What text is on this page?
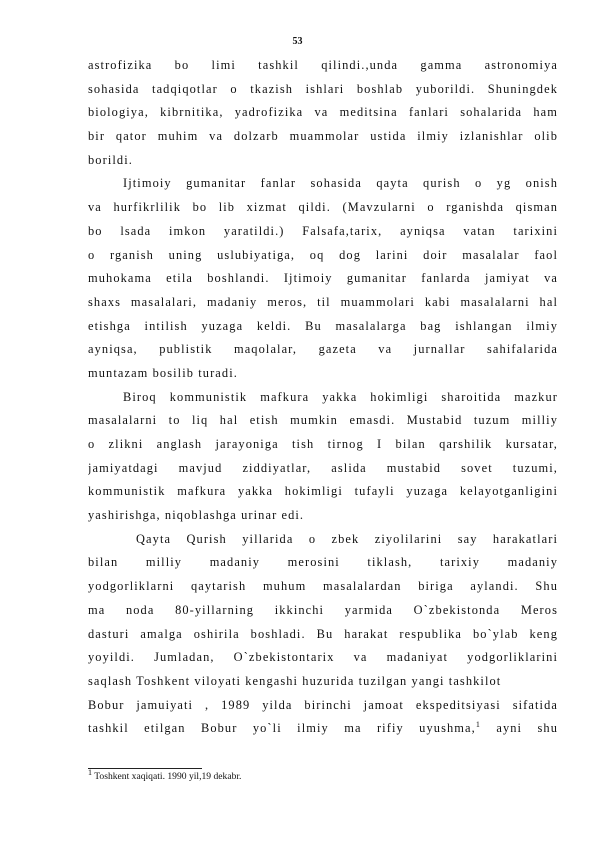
53
astrofizika bo limi tashkil qilindi.,unda gamma astronomiya
sohasida tadqiqotlar o tkazish ishlari boshlab yuborildi. Shuningdek
biologiya, kibrnitika, yadrofizika va meditsina fanlari sohalarida ham
bir qator muhim va dolzarb muammolar ustida ilmiy izlanishlar olib
borildi.
Ijtimoiy gumanitar fanlar sohasida qayta qurish o yg onish
va hurfikrlilik bo lib xizmat qildi. (Mavzularni o rganishda qisman
bo lsada imkon yaratildi.) Falsafa,tarix, ayniqsa vatan tarixini
o rganish uning uslubiyatiga, oq dog larini doir masalalar faol
muhokama etila boshlandi. Ijtimoiy gumanitar fanlarda jamiyat va
shaxs masalalari, madaniy meros, til muammolari kabi masalalarni hal
etishga intilish yuzaga keldi. Bu masalalarga bag ishlangan ilmiy
ayniqsa, publistik maqolalar, gazeta va jurnallar sahifalarida
muntazam bosilib turadi.
Biroq kommunistik mafkura yakka hokimligi sharoitida mazkur
masalalarni to liq hal etish mumkin emasdi. Mustabid tuzum milliy
o zlikni anglash jarayoniga tish tirnog I bilan qarshilik kursatar,
jamiyatdagi mavjud ziddiyatlar, aslida mustabid sovet tuzumi,
kommunistik mafkura yakka hokimligi tufayli yuzaga kelayotganligini
yashirishga, niqoblashga urinar edi.
Qayta Qurish yillarida o zbek ziyolilarini say harakatlari
bilan milliy madaniy merosini tiklash, tarixiy madaniy
yodgorliklarni qaytarish muhum masalalardan biriga aylandi. Shu
ma noda 80-yillarning ikkinchi yarmida O`zbekistonda Meros
dasturi amalga oshirila boshladi. Bu harakat respublika bo`ylab keng
yoyildi. Jumladan, O`zbekistontarix va madaniyat yodgorliklarini
saqlash Toshkent viloyati kengashi huzurida tuzilgan yangi tashkilot
Bobur jamuiyati , 1989 yilda birinchi jamoat ekspeditsiyasi sifatida
tashkil etilgan Bobur yo`li ilmiy ma rifiy uyushma,$^1$ ayni shu
$^1$ Toshkent xaqiqati. 1990 yil,19 dekabr.
